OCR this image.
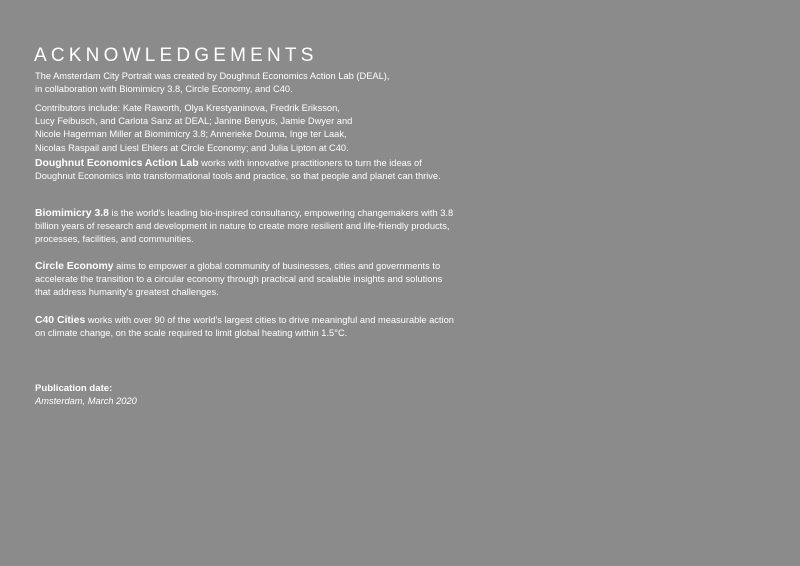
ACKNOWLEDGEMENTS

The Amsterdam City Portrait was created by Doughnut Economics Action Lab (DEAL),
in collaboration with Biomimicry 3.8, Circle Economy, and C40.

Contributors include: Kate Raworth, Olya Krestyaninova, Fredrik Eriksson,
Lucy Feibusch, and Carlota Sanz at DEAL; Janine Benyus, Jamie Dwyer and
Nicole Hagerman Miller at Biomimicry 3.8; Annerieke Douma, Inge ter Laak,
Nicolas Raspail and Liesl Ehlers at Circle Economy; and Julia Lipton at C40.

Doughnut Economics Action Lab works with innovative practitioners to turn the ideas of Doughnut Economics into transformational tools and practice, so that people and planet can thrive.

Biomimicry 3.8 is the world's leading bio-inspired consultancy, empowering changemakers with 3.8 billion years of research and development in nature to create more resilient and life-friendly products, processes, facilities, and communities.

Circle Economy aims to empower a global community of businesses, cities and governments to accelerate the transition to a circular economy through practical and scalable insights and solutions that address humanity's greatest challenges.

C40 Cities works with over 90 of the world's largest cities to drive meaningful and measurable action on climate change, on the scale required to limit global heating within 1.5°C.

Publication date:
Amsterdam, March 2020
